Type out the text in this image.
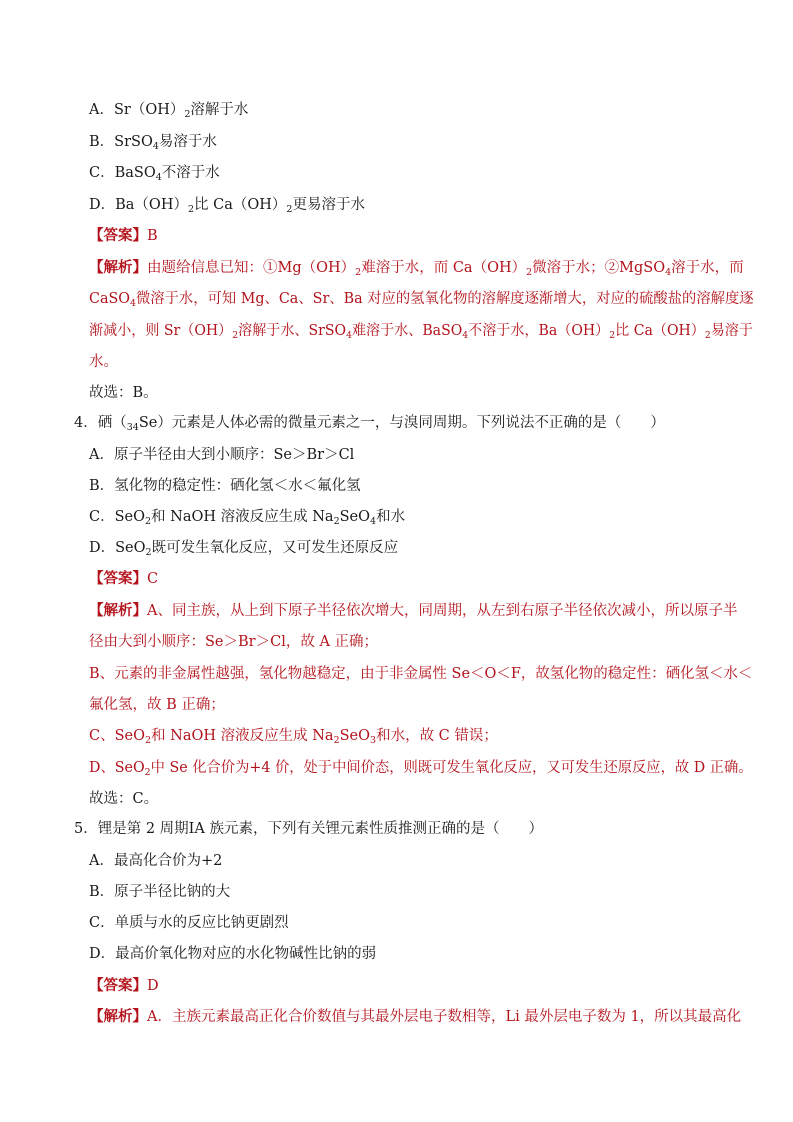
A．$Sr(OH)_2$溶解于水
B．SrSO$_4$易溶于水
C．BaSO$_4$不溶于水
D．$Ba(OH)_2$比 $Ca(OH)_2$更易溶于水
【答案】B
【解析】由题给信息已知：$①Mg(OH)_2$难溶于水，而 $Ca(OH)_2$微溶于水；②MgSO$_4$溶于水，而
CaSO$_4$微溶于水，可知 Mg、Ca、Sr、Ba 对应的氢氧化物的溶解度逐渐增大，对应的硫酸盐的溶解度逐
渐减小，则 $Sr(OH)_2$溶解于水、SrSO$_4$难溶于水、BaSO$_4$不溶于水，$Ba(OH)_2$比 $Ca(OH)_2$易溶于
水。
故选：B。
4．硒$(_{34}Se)$元素是人体必需的微量元素之一，与溴同周期。下列说法不正确的是（　　）
A．原子半径由大到小顺序：Se＞Br＞Cl
B．氢化物的稳定性：硒化氢＜水＜氟化氢
C．SeO$_2$和 NaOH 溶液反应生成 $Na_2SeO_4$和水
D．SeO$_2$既可发生氧化反应，又可发生还原反应
【答案】C
【解析】A、同主族，从上到下原子半径依次增大，同周期，从左到右原子半径依次减小，所以原子半
径由大到小顺序：Se＞Br＞Cl，故 A 正确；
B、元素的非金属性越强，氢化物越稳定，由于非金属性 Se＜O＜F，故氢化物的稳定性：硒化氢＜水＜
氟化氢，故 B 正确；
C、SeO$_2$和 NaOH 溶液反应生成 $Na_2SeO_3$和水，故 C 错误；
D、SeO$_2$中 Se 化合价为+4 价，处于中间价态，则既可发生氧化反应，又可发生还原反应，故 D 正确。
故选：C。
5．锂是第 2 周期ⅠA 族元素，下列有关锂元素性质推测正确的是（　　）
A．最高化合价为+2
B．原子半径比钠的大
C．单质与水的反应比钠更剧烈
D．最高价氧化物对应的水化物碱性比钠的弱
【答案】D
【解析】A．主族元素最高正化合价数值与其最外层电子数相等，Li 最外层电子数为 1，所以其最高化
